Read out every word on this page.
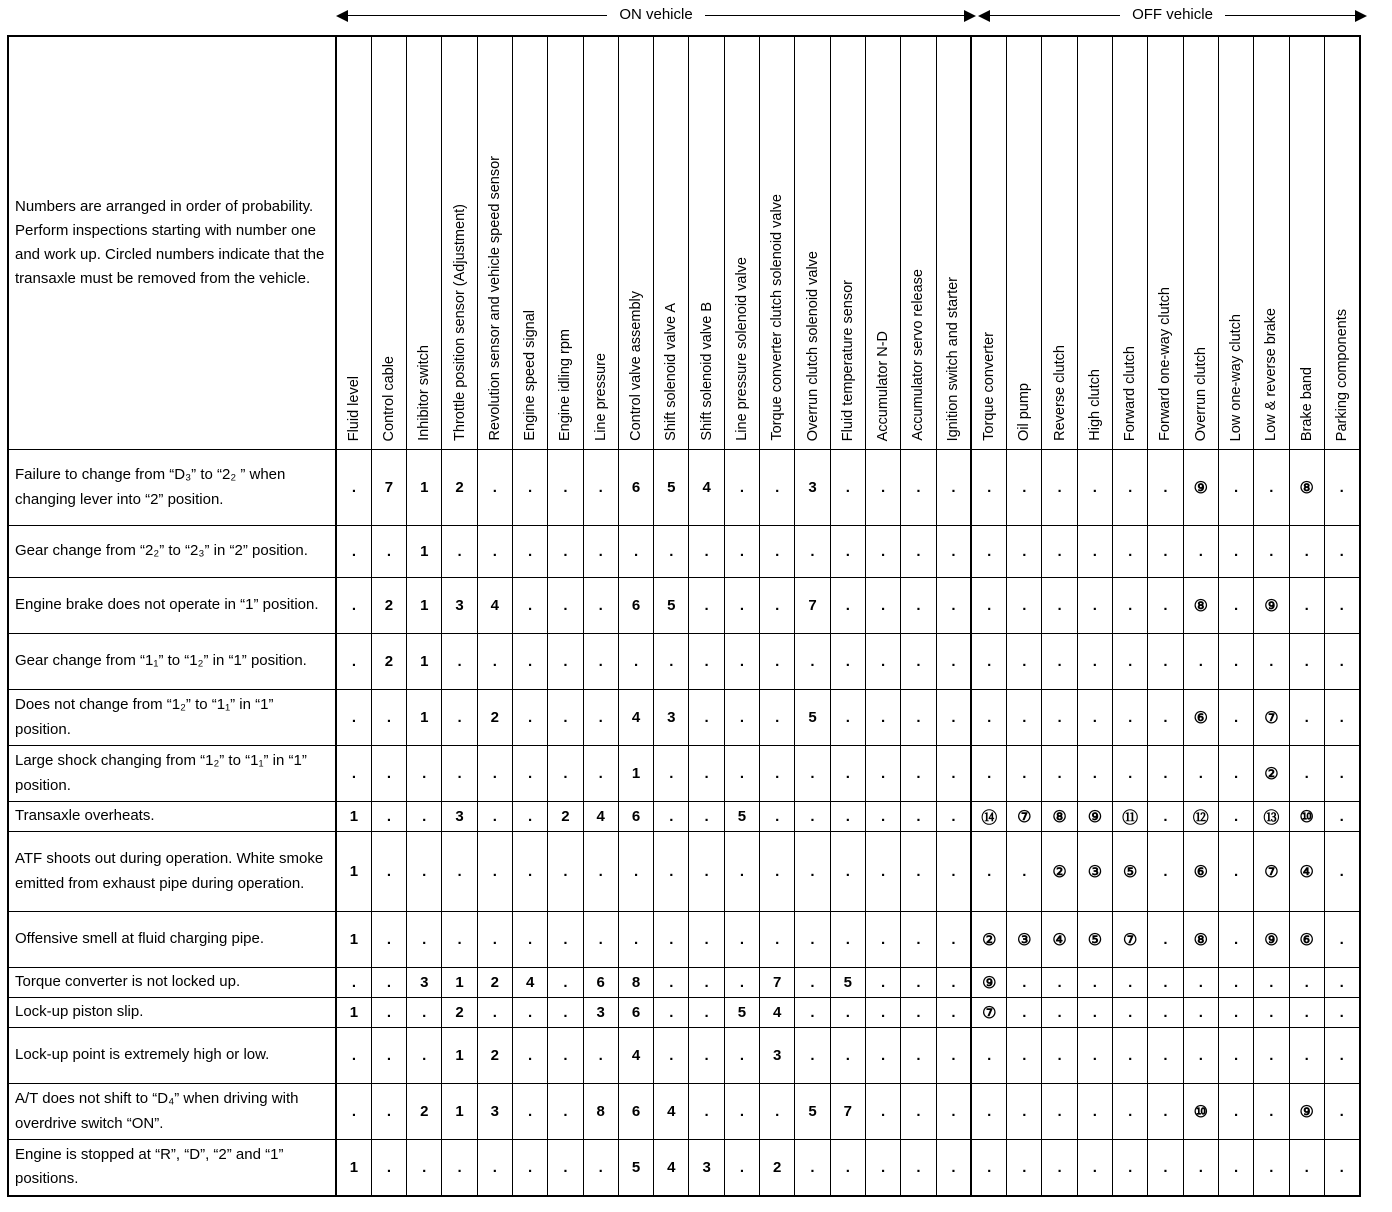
ON vehicle	OFF vehicle
Numbers are arranged in order of probability.
Perform inspections starting with number one and work up. Circled numbers indicate that the transaxle must be removed from the vehicle.	Fluid level	Control cable	Inhibitor switch	Throttle position sensor (Adjustment)	Revolution sensor and vehicle speed sensor	Engine speed signal	Engine idling rpm	Line pressure	Control valve assembly	Shift solenoid valve A	Shift solenoid valve B	Line pressure solenoid valve	Torque converter clutch solenoid valve	Overrun clutch solenoid valve	Fluid temperature sensor	Accumulator N-D	Accumulator servo release	Ignition switch and starter	Torque converter	Oil pump	Reverse clutch	High clutch	Forward clutch	Forward one-way clutch	Overrun clutch	Low one-way clutch	Low & reverse brake	Brake band	Parking components

Failure to change from “D₃” to “2₂ ” when changing lever into “2” position.	.	7	1	2	.	.	.	.	6	5	4	.	.	3	.	.	.	.	.	.	.	.	.	.	⑨	.	.	⑧	.
Gear change from “2₂” to “2₃” in “2” position.	.	.	1	.	.	.	.	.	.	.	.	.	.	.	.	.	.	.	.	.	.	.	.	.	.	.	.	.	.
Engine brake does not operate in “1” position.	.	2	1	3	4	.	.	.	6	5	.	.	.	7	.	.	.	.	.	.	.	.	.	.	⑧	.	⑨	.	.
Gear change from “1₁” to “1₂” in “1” position.	.	2	1	.	.	.	.	.	.	.	.	.	.	.	.	.	.	.	.	.	.	.	.	.	.	.	.	.	.
Does not change from “1₂” to “1₁” in “1” position.	.	.	1	.	2	.	.	.	4	3	.	.	.	5	.	.	.	.	.	.	.	.	.	.	⑥	.	⑦	.	.
Large shock changing from “1₂” to “1₁” in “1” position.	.	.	.	.	.	.	.	.	1	.	.	.	.	.	.	.	.	.	.	.	.	.	.	.	.	.	②	.	.
Transaxle overheats.	1	.	.	3	.	.	2	4	6	.	.	5	.	.	.	.	.	.	⑭	⑦	⑧	⑨	⑪	.	⑫	.	⑬	⑩	.
ATF shoots out during operation. White smoke emitted from exhaust pipe during operation.	1	.	.	.	.	.	.	.	.	.	.	.	.	.	.	.	.	.	.	.	②	③	⑤	.	⑥	.	⑦	④	.
Offensive smell at fluid charging pipe.	1	.	.	.	.	.	.	.	.	.	.	.	.	.	.	.	.	.	②	③	④	⑤	⑦	.	⑧	.	⑨	⑥	.
Torque converter is not locked up.	.	.	3	1	2	4	.	6	8	.	.	.	7	.	5	.	.	.	⑨	.	.	.	.	.	.	.	.	.	.
Lock-up piston slip.	1	.	.	2	.	.	.	3	6	.	.	5	4	.	.	.	.	.	⑦	.	.	.	.	.	.	.	.	.	.
Lock-up point is extremely high or low.	.	.	.	1	2	.	.	.	4	.	.	.	3	.	.	.	.	.	.	.	.	.	.	.	.	.	.	.	.
A/T does not shift to “D₄” when driving with overdrive switch “ON”.	.	.	2	1	3	.	.	8	6	4	.	.	.	5	7	.	.	.	.	.	.	.	.	.	⑩	.	.	⑨	.
Engine is stopped at “R”, “D”, “2” and “1” positions.	1	.	.	.	.	.	.	.	5	4	3	.	2	.	.	.	.	.	.	.	.	.	.	.	.	.	.	.	.
